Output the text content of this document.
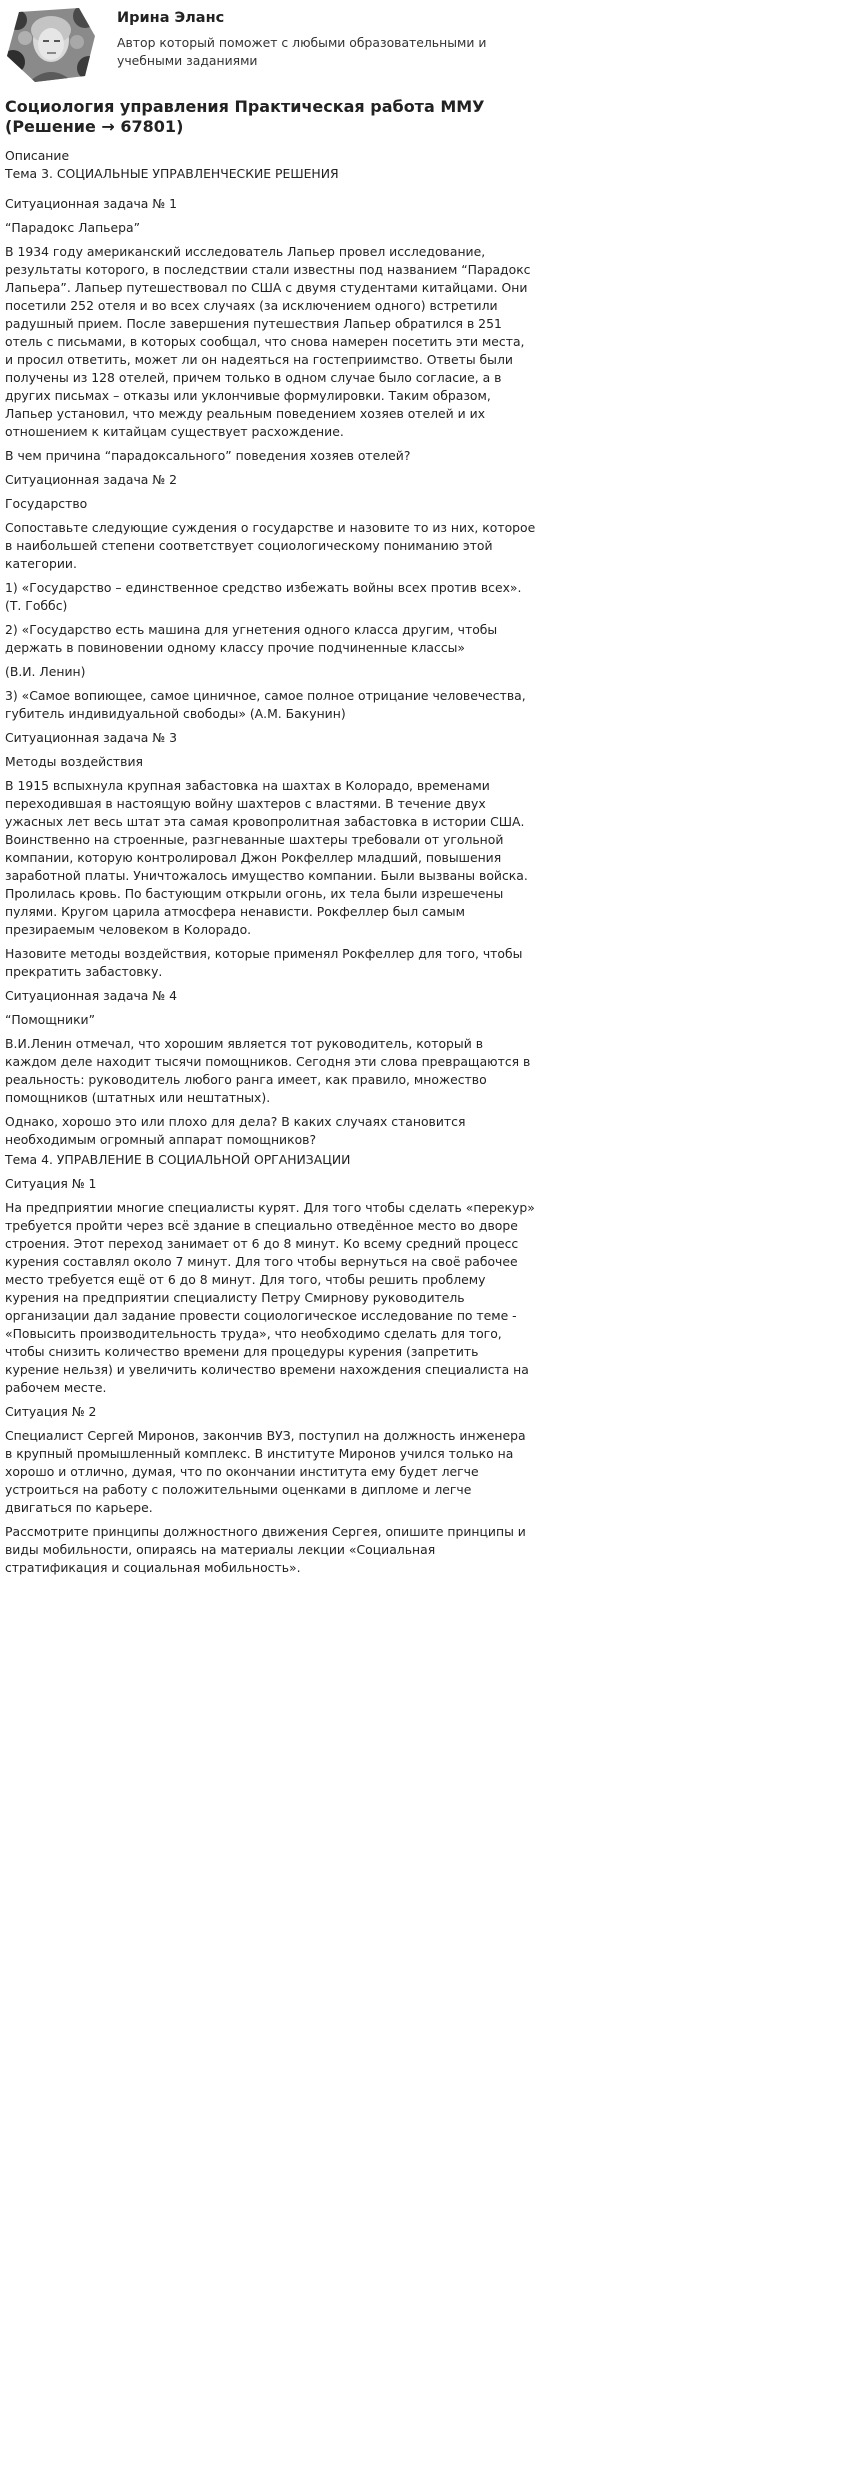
Ирина Эланс
Автор который поможет с любыми образовательными и учебными заданиями
Социология управления Практическая работа ММУ (Решение → 67801)
Описание

Тема 3. СОЦИАЛЬНЫЕ УПРАВЛЕНЧЕСКИЕ РЕШЕНИЯ

Ситуационная задача № 1

“Парадокс Лапьера”

В 1934 году американский исследователь Лапьер провел исследование, результаты которого, в последствии стали известны под названием “Парадокс Лапьера”. Лапьер путешествовал по США с двумя студентами китайцами. Они посетили 252 отеля и во всех случаях (за исключением одного) встретили радушный прием. После завершения путешествия Лапьер обратился в 251 отель с письмами, в которых сообщал, что снова намерен посетить эти места, и просил ответить, может ли он надеяться на гостеприимство. Ответы были получены из 128 отелей, причем только в одном случае было согласие, а в других письмах – отказы или уклончивые формулировки. Таким образом, Лапьер установил, что между реальным поведением хозяев отелей и их отношением к китайцам существует расхождение.

В чем причина “парадоксального” поведения хозяев отелей?

Ситуационная задача № 2

Государство

Сопоставьте следующие суждения о государстве и назовите то из них, которое в наибольшей степени соответствует социологическому пониманию этой категории.

1) «Государство – единственное средство избежать войны всех против всех». (Т. Гоббс)

2) «Государство есть машина для угнетения одного класса другим, чтобы держать в повиновении одному классу прочие подчиненные классы»

(В.И. Ленин)

3) «Самое вопиющее, самое циничное, самое полное отрицание человечества, губитель индивидуальной свободы» (А.М. Бакунин)

Ситуационная задача № 3

Методы воздействия

В 1915 вспыхнула крупная забастовка на шахтах в Колорадо, временами переходившая в настоящую войну шахтеров с властями. В течение двух ужасных лет весь штат эта самая кровопролитная забастовка в истории США. Воинственно на строенные, разгневанные шахтеры требовали от угольной компании, которую контролировал Джон Рокфеллер младший, повышения заработной платы. Уничтожалось имущество компании. Были вызваны войска. Пролилась кровь. По бастующим открыли огонь, их тела были изрешечены пулями. Кругом царила атмосфера ненависти. Рокфеллер был самым презираемым человеком в Колорадо.

Назовите методы воздействия, которые применял Рокфеллер для того, чтобы прекратить забастовку.

Ситуационная задача № 4

“Помощники”

В.И.Ленин отмечал, что хорошим является тот руководитель, который в каждом деле находит тысячи помощников. Сегодня эти слова превращаются в реальность: руководитель любого ранга имеет, как правило, множество помощников (штатных или нештатных).

Однако, хорошо это или плохо для дела? В каких случаях становится необходимым огромный аппарат помощников?

Тема 4. УПРАВЛЕНИЕ В СОЦИАЛЬНОЙ ОРГАНИЗАЦИИ

Ситуация № 1

На предприятии многие специалисты курят. Для того чтобы сделать «перекур» требуется пройти через всё здание в специально отведённое место во дворе строения. Этот переход занимает от 6 до 8 минут. Ко всему средний процесс курения составлял около 7 минут. Для того чтобы вернуться на своё рабочее место требуется ещё от 6 до 8 минут. Для того, чтобы решить проблему курения на предприятии специалисту Петру Смирнову руководитель организации дал задание провести социологическое исследование по теме - «Повысить производительность труда», что необходимо сделать для того, чтобы снизить количество времени для процедуры курения (запретить курение нельзя) и увеличить количество времени нахождения специалиста на рабочем месте.

Ситуация № 2

Специалист Сергей Миронов, закончив ВУЗ, поступил на должность инженера в крупный промышленный комплекс. В институте Миронов учился только на хорошо и отлично, думая, что по окончании института ему будет легче устроиться на работу с положительными оценками в дипломе и легче двигаться по карьере.

Рассмотрите принципы должностного движения Сергея, опишите принципы и виды мобильности, опираясь на материалы лекции «Социальная стратификация и социальная мобильность».
